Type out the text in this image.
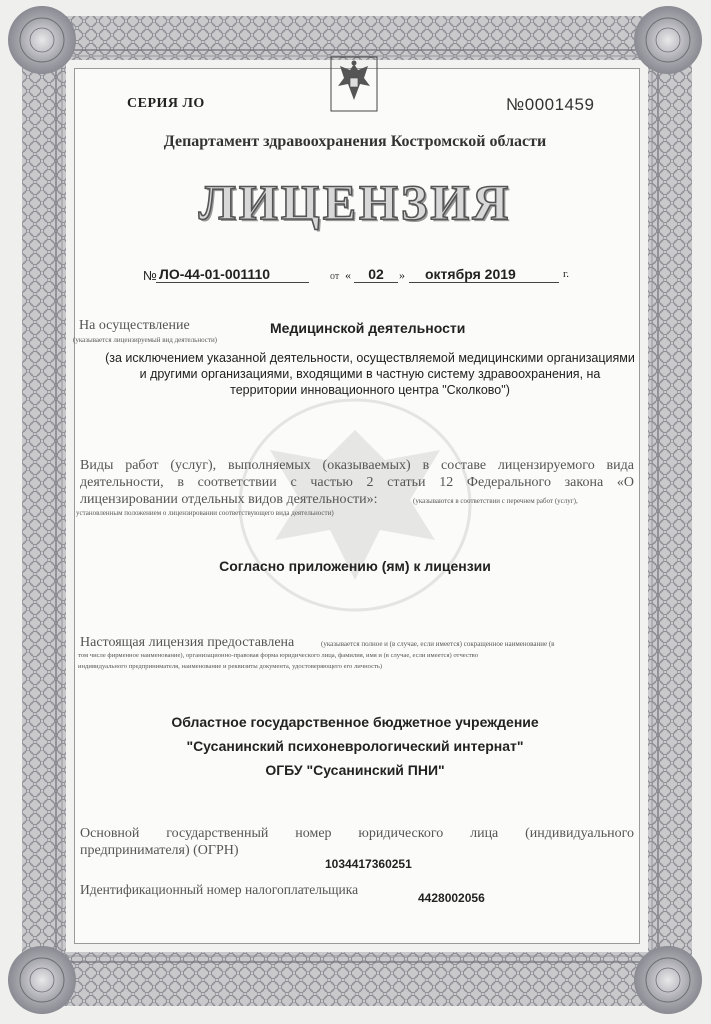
СЕРИЯ ЛО	№0001459
Департамент здравоохранения Костромской области
ЛИЦЕНЗИЯ
№ ЛО-44-01-001110	от «	02	»	октября 2019	г.
На осуществление
(указывается лицензируемый вид деятельности)
Медицинской деятельности
(за исключением указанной деятельности, осуществляемой медицинскими организациями
и другими организациями, входящими в частную систему здравоохранения, на
территории инновационного центра "Сколково")
Виды работ (услуг), выполняемых (оказываемых) в составе лицензируемого вида
деятельности, в соответствии с частью 2 статьи 12 Федерального закона «О
лицензировании отдельных видов деятельности»:	(указываются в соответствии с перечнем работ (услуг),
установленным положением о лицензировании соответствующего вида деятельности)
Согласно приложению (ям) к лицензии
Настоящая лицензия предоставлена	(указывается полное и (в случае, если имеется) сокращенное наименование (в
том числе фирменное наименование), организационно-правовая форма юридического лица, фамилия, имя и (в случае, если имеется) отчество
индивидуального предпринимателя, наименование и реквизиты документа, удостоверяющего его личность)
Областное государственное бюджетное учреждение
"Сусанинский психоневрологический интернат"
ОГБУ "Сусанинский ПНИ"
Основной государственный номер юридического лица (индивидуального
предпринимателя) (ОГРН)
1034417360251
Идентификационный номер налогоплательщика
4428002056
